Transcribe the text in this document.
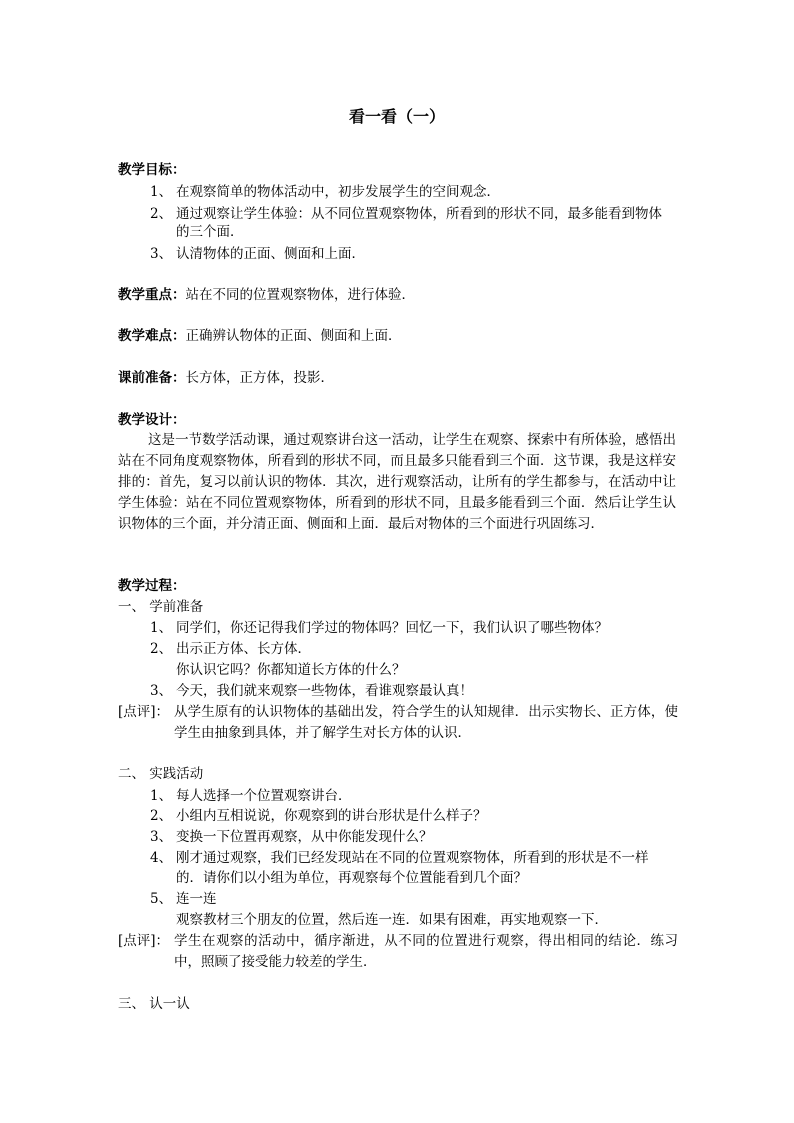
看一看（一）
教学目标：
1、 在观察简单的物体活动中，初步发展学生的空间观念．
2、 通过观察让学生体验：从不同位置观察物体，所看到的形状不同，最多能看到物体
的三个面．
3、 认清物体的正面、侧面和上面．
教学重点：站在不同的位置观察物体，进行体验．
教学难点：正确辨认物体的正面、侧面和上面．
课前准备：长方体，正方体，投影．
教学设计：
这是一节数学活动课，通过观察讲台这一活动，让学生在观察、探索中有所体验，感悟出站在不同角度观察物体，所看到的形状不同，而且最多只能看到三个面．这节课，我是这样安排的：首先，复习以前认识的物体．其次，进行观察活动，让所有的学生都参与，在活动中让学生体验：站在不同位置观察物体，所看到的形状不同，且最多能看到三个面．然后让学生认识物体的三个面，并分清正面、侧面和上面．最后对物体的三个面进行巩固练习．
教学过程：
一、 学前准备
1、 同学们，你还记得我们学过的物体吗？回忆一下，我们认识了哪些物体？
2、 出示正方体、长方体．
你认识它吗？你都知道长方体的什么？
3、 今天，我们就来观察一些物体，看谁观察最认真！
[点评]： 从学生原有的认识物体的基础出发，符合学生的认知规律．出示实物长、正方体，使学生由抽象到具体，并了解学生对长方体的认识．
二、 实践活动
1、 每人选择一个位置观察讲台．
2、 小组内互相说说，你观察到的讲台形状是什么样子？
3、 变换一下位置再观察，从中你能发现什么？
4、 刚才通过观察，我们已经发现站在不同的位置观察物体，所看到的形状是不一样
的．请你们以小组为单位，再观察每个位置能看到几个面？
5、 连一连
观察教材三个朋友的位置，然后连一连．如果有困难，再实地观察一下．
[点评]： 学生在观察的活动中，循序渐进，从不同的位置进行观察，得出相同的结论．练习中，照顾了接受能力较差的学生．
三、 认一认
